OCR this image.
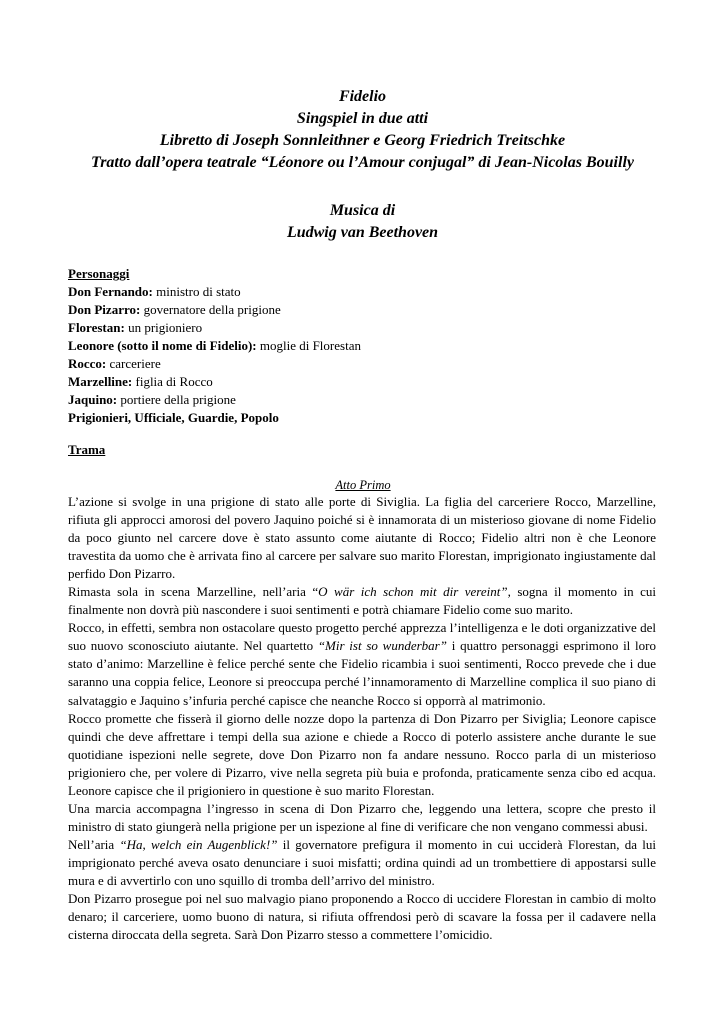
Fidelio
Singspiel in due atti
Libretto di Joseph Sonnleithner e Georg Friedrich Treitschke
Tratto dall’opera teatrale “Léonore ou l’Amour conjugal” di Jean-Nicolas Bouilly
Musica di
Ludwig van Beethoven
Personaggi
Don Fernando: ministro di stato
Don Pizarro: governatore della prigione
Florestan: un prigioniero
Leonore (sotto il nome di Fidelio): moglie di Florestan
Rocco: carceriere
Marzelline: figlia di Rocco
Jaquino: portiere della prigione
Prigionieri, Ufficiale, Guardie, Popolo
Trama
Atto Primo

L’azione si svolge in una prigione di stato alle porte di Siviglia. La figlia del carceriere Rocco, Marzelline, rifiuta gli approcci amorosi del povero Jaquino poiché si è innamorata di un misterioso giovane di nome Fidelio da poco giunto nel carcere dove è stato assunto come aiutante di Rocco; Fidelio altri non è che Leonore travestita da uomo che è arrivata fino al carcere per salvare suo marito Florestan, imprigionato ingiustamente dal perfido Don Pizarro.

Rimasta sola in scena Marzelline, nell’aria “O wär ich schon mit dir vereint”, sogna il momento in cui finalmente non dovrà più nascondere i suoi sentimenti e potrà chiamare Fidelio come suo marito.

Rocco, in effetti, sembra non ostacolare questo progetto perché apprezza l’intelligenza e le doti organizzative del suo nuovo sconosciuto aiutante. Nel quartetto “Mir ist so wunderbar” i quattro personaggi esprimono il loro stato d’animo: Marzelline è felice perché sente che Fidelio ricambia i suoi sentimenti, Rocco prevede che i due saranno una coppia felice, Leonore si preoccupa perché l’innamoramento di Marzelline complica il suo piano di salvataggio e Jaquino s’infuria perché capisce che neanche Rocco si opporrà al matrimonio.

Rocco promette che fisserà il giorno delle nozze dopo la partenza di Don Pizarro per Siviglia; Leonore capisce quindi che deve affrettare i tempi della sua azione e chiede a Rocco di poterlo assistere anche durante le sue quotidiane ispezioni nelle segrete, dove Don Pizarro non fa andare nessuno. Rocco parla di un misterioso prigioniero che, per volere di Pizarro, vive nella segreta più buia e profonda, praticamente senza cibo ed acqua. Leonore capisce che il prigioniero in questione è suo marito Florestan.

Una marcia accompagna l’ingresso in scena di Don Pizarro che, leggendo una lettera, scopre che presto il ministro di stato giungerà nella prigione per un ispezione al fine di verificare che non vengano commessi abusi.

Nell’aria “Ha, welch ein Augenblick!” il governatore prefigura il momento in cui ucciderà Florestan, da lui imprigionato perché aveva osato denunciare i suoi misfatti; ordina quindi ad un trombettiere di appostarsi sulle mura e di avvertirlo con uno squillo di tromba dell’arrivo del ministro.

Don Pizarro prosegue poi nel suo malvagio piano proponendo a Rocco di uccidere Florestan in cambio di molto denaro; il carceriere, uomo buono di natura, si rifiuta offrendosi però di scavare la fossa per il cadavere nella cisterna diroccata della segreta. Sarà Don Pizarro stesso a commettere l’omicidio.
